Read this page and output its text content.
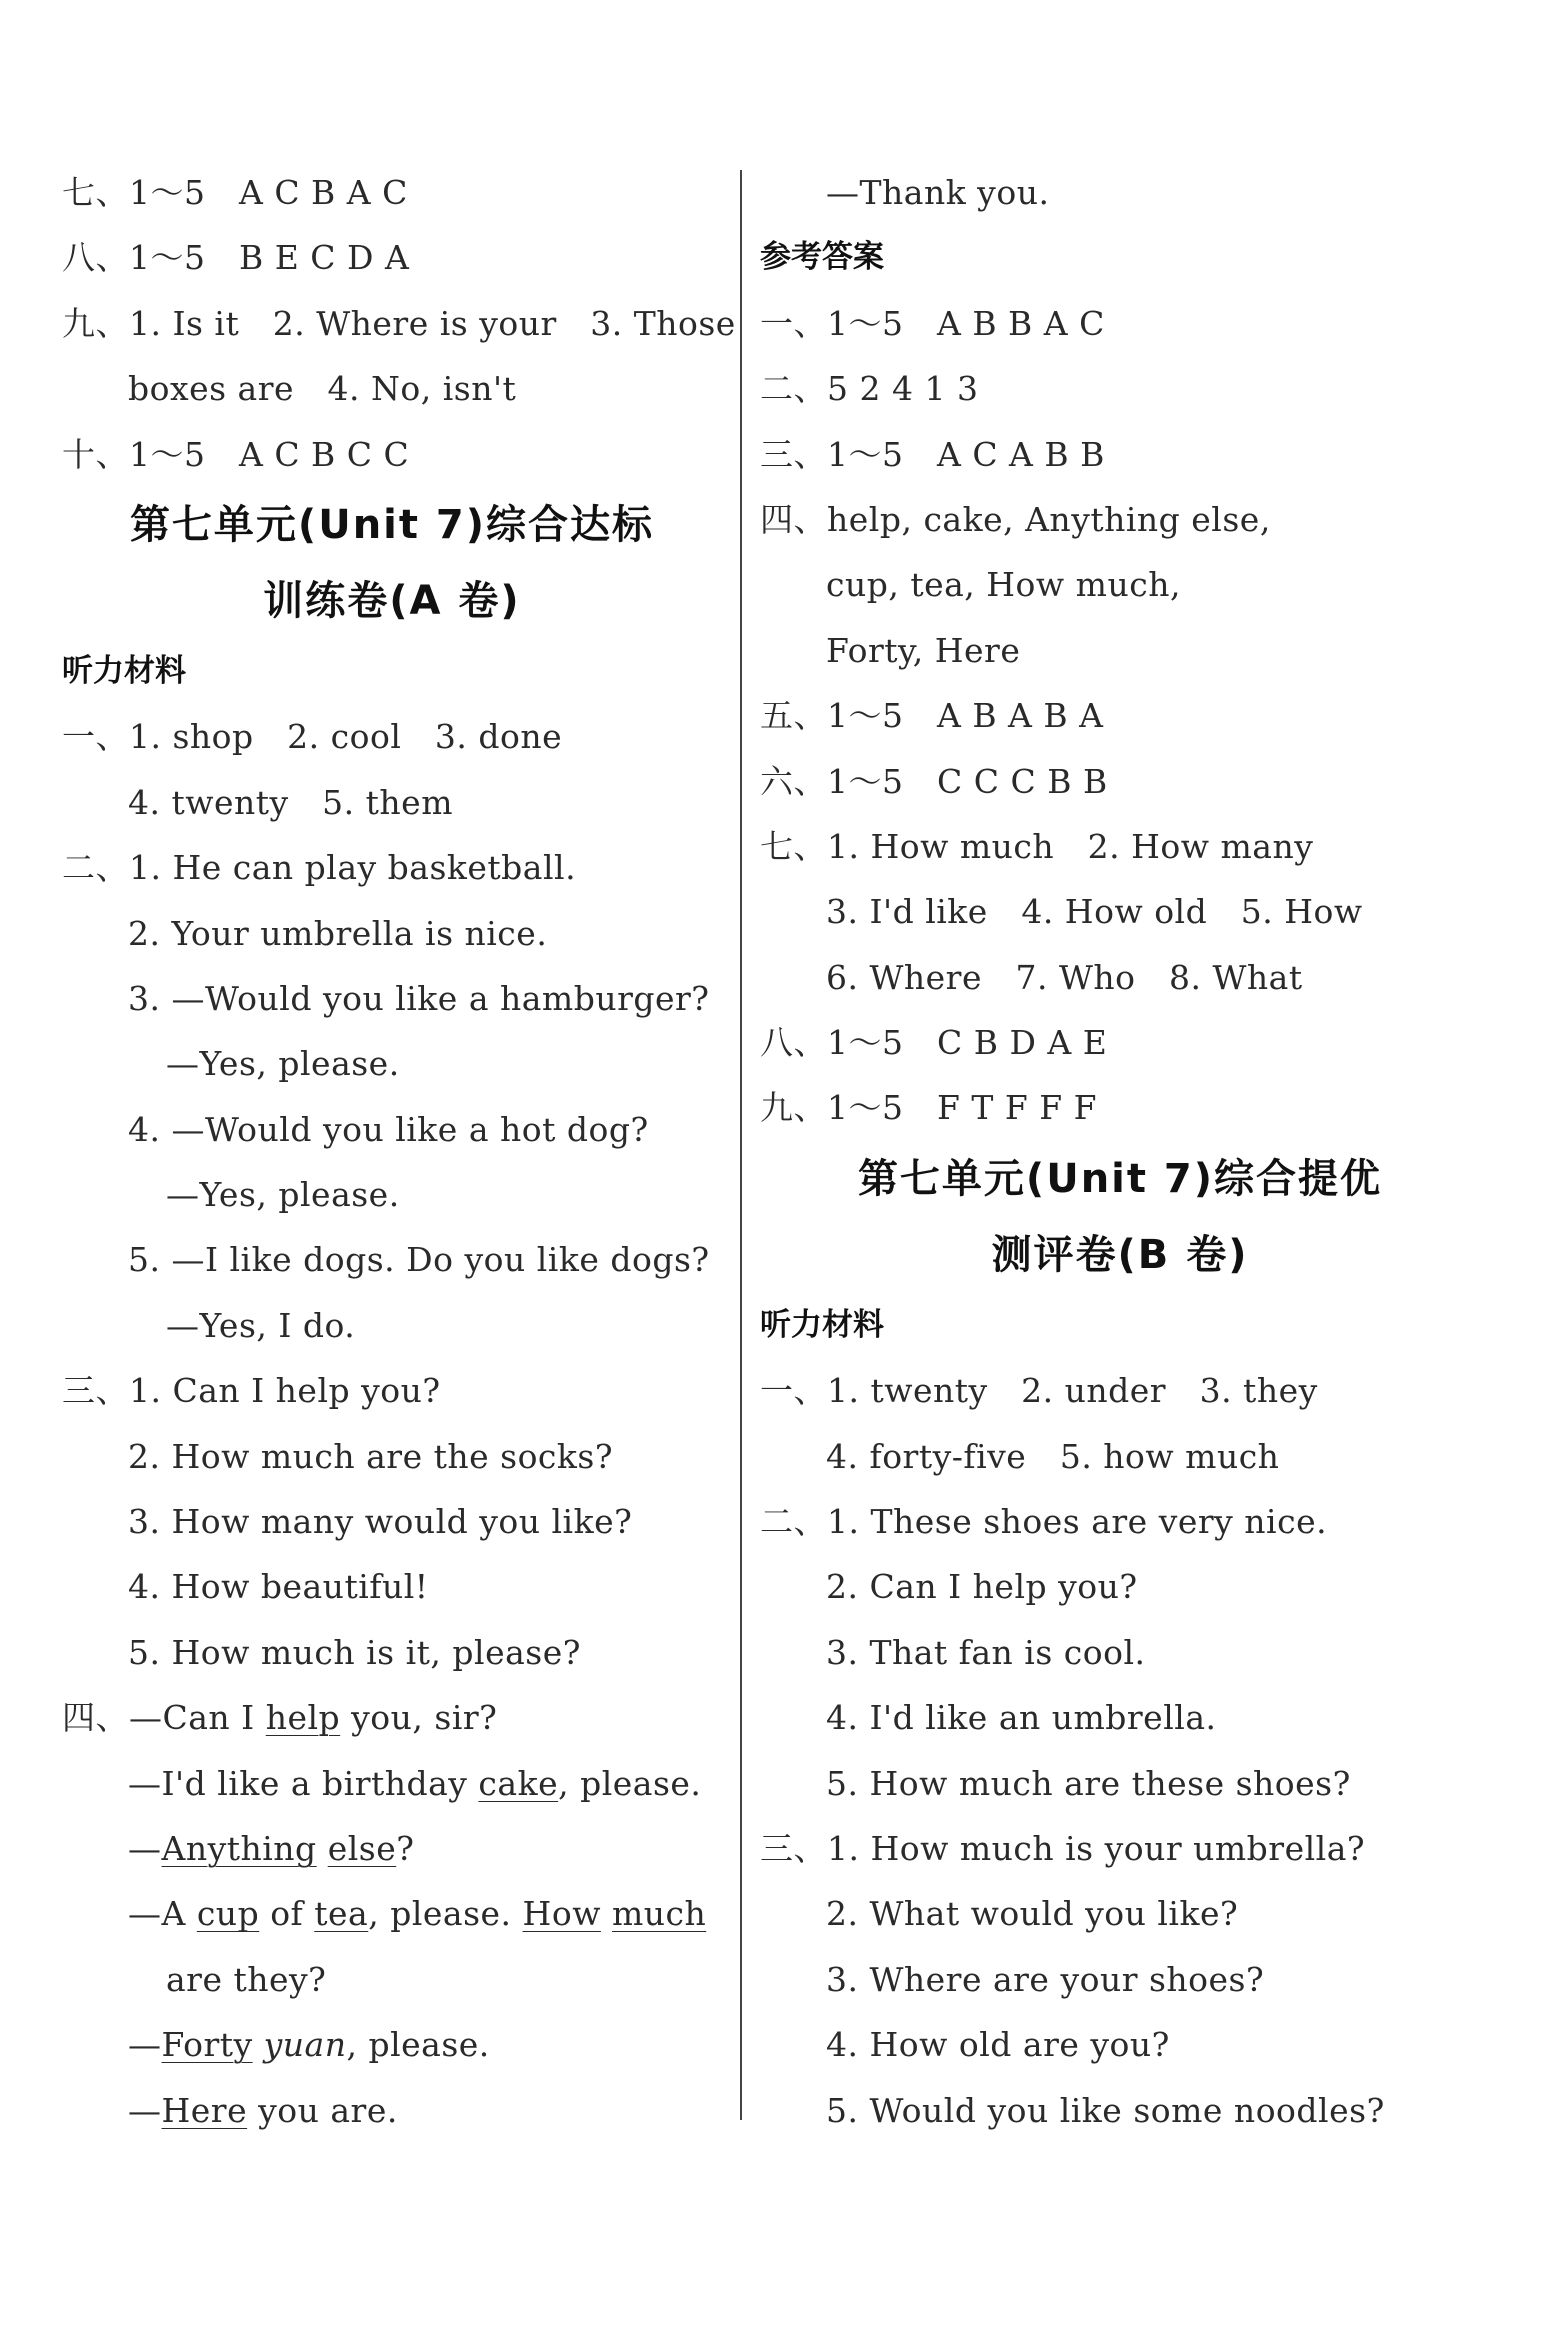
七、1～5　A C B A C
八、1～5　B E C D A
九、1. Is it　2. Where is your　3. Those
boxes are　4. No, isn't
十、1～5　A C B C C
第七单元(Unit 7)综合达标
训练卷(A 卷)
听力材料
一、1. shop　2. cool　3. done
4. twenty　5. them
二、1. He can play basketball.
2. Your umbrella is nice.
3. —Would you like a hamburger?
—Yes, please.
4. —Would you like a hot dog?
—Yes, please.
5. —I like dogs. Do you like dogs?
—Yes, I do.
三、1. Can I help you?
2. How much are the socks?
3. How many would you like?
4. How beautiful!
5. How much is it, please?
四、—Can I help you, sir?
—I'd like a birthday cake, please.
—Anything else?
—A cup of tea, please. How much
are they?
—Forty yuan, please.
—Here you are.
—Thank you.
参考答案
一、1～5　A B B A C
二、5 2 4 1 3
三、1～5　A C A B B
四、help, cake, Anything else,
cup, tea, How much,
Forty, Here
五、1～5　A B A B A
六、1～5　C C C B B
七、1. How much　2. How many
3. I'd like　4. How old　5. How
6. Where　7. Who　8. What
八、1～5　C B D A E
九、1～5　F T F F F
第七单元(Unit 7)综合提优
测评卷(B 卷)
听力材料
一、1. twenty　2. under　3. they
4. forty-five　5. how much
二、1. These shoes are very nice.
2. Can I help you?
3. That fan is cool.
4. I'd like an umbrella.
5. How much are these shoes?
三、1. How much is your umbrella?
2. What would you like?
3. Where are your shoes?
4. How old are you?
5. Would you like some noodles?
